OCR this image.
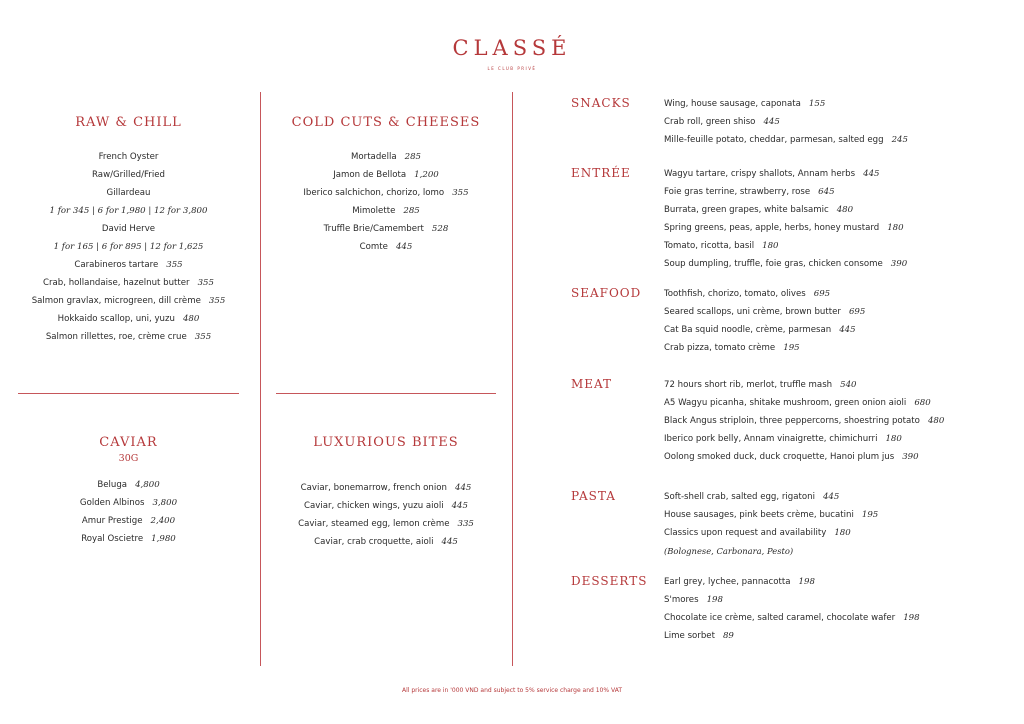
CLASSÉ
LE CLUB PRIVÉ
RAW & CHILL
French Oyster
Raw/Grilled/Fried
Gillardeau
1 for 345 | 6 for 1,980 | 12 for 3,800
David Herve
1 for 165 | 6 for 895 | 12 for 1,625
Carabineros tartare 355
Crab, hollandaise, hazelnut butter 355
Salmon gravlax, microgreen, dill crème 355
Hokkaido scallop, uni, yuzu 480
Salmon rillettes, roe, crème crue 355
COLD CUTS & CHEESES
Mortadella 285
Jamon de Bellota 1,200
Iberico salchichon, chorizo, lomo 355
Mimolette 285
Truffle Brie/Camembert 528
Comte 445
CAVIAR
30G
Beluga 4,800
Golden Albinos 3,800
Amur Prestige 2,400
Royal Oscietre 1,980
LUXURIOUS BITES
Caviar, bonemarrow, french onion 445
Caviar, chicken wings, yuzu aioli 445
Caviar, steamed egg, lemon crème 335
Caviar, crab croquette, aioli 445
SNACKS	Wing, house sausage, caponata 155
Crab roll, green shiso 445
Mille-feuille potato, cheddar, parmesan, salted egg 245
ENTRÉE	Wagyu tartare, crispy shallots, Annam herbs 445
Foie gras terrine, strawberry, rose 645
Burrata, green grapes, white balsamic 480
Spring greens, peas, apple, herbs, honey mustard 180
Tomato, ricotta, basil 180
Soup dumpling, truffle, foie gras, chicken consome 390
SEAFOOD	Toothfish, chorizo, tomato, olives 695
Seared scallops, uni crème, brown butter 695
Cat Ba squid noodle, crème, parmesan 445
Crab pizza, tomato crème 195
MEAT	72 hours short rib, merlot, truffle mash 540
A5 Wagyu picanha, shitake mushroom, green onion aioli 680
Black Angus striploin, three peppercorns, shoestring potato 480
Iberico pork belly, Annam vinaigrette, chimichurri 180
Oolong smoked duck, duck croquette, Hanoi plum jus 390
PASTA	Soft-shell crab, salted egg, rigatoni 445
House sausages, pink beets crème, bucatini 195
Classics upon request and availability 180
(Bolognese, Carbonara, Pesto)
DESSERTS Earl grey, lychee, pannacotta 198
S'mores 198
Chocolate ice crème, salted caramel, chocolate wafer 198
Lime sorbet 89
All prices are in '000 VND and subject to 5% service charge and 10% VAT
